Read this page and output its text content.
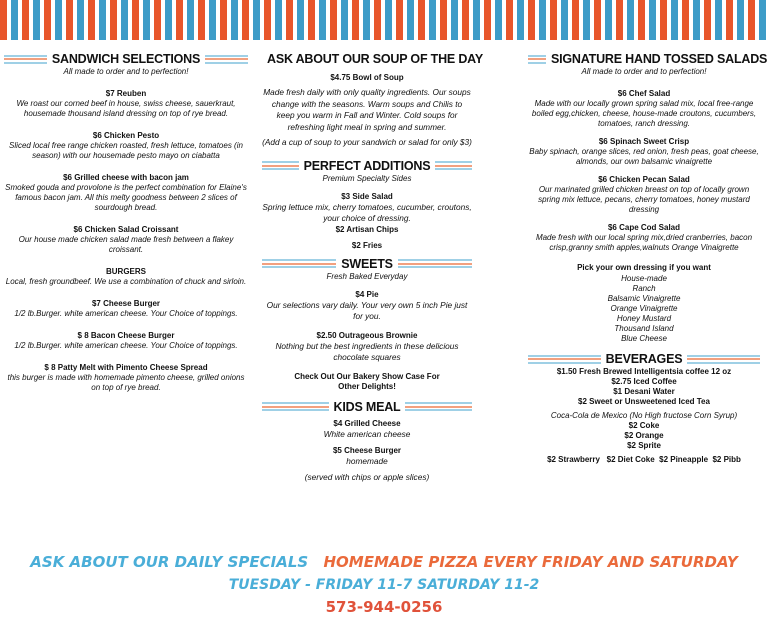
SANDWICH SELECTIONS
All made to order and to perfection!
$7 Reuben
We roast our corned beef in house, swiss cheese, sauerkraut, housemade thousand island dressing on top of rye bread.
$6 Chicken Pesto
Sliced local free range chicken roasted, fresh lettuce, tomatoes (in season) with our housemade pesto mayo on ciabatta
$6 Grilled cheese with bacon jam
Smoked gouda and provolone is the perfect combination for Elaine's famous bacon jam. All this melty goodness between 2 slices of sourdough bread.
$6 Chicken Salad Croissant
Our house made chicken salad made fresh between a flakey croissant.
BURGERS
Local, fresh groundbeef. We use a combination of chuck and sirloin.
$7 Cheese Burger
1/2 lb.Burger. white american cheese. Your Choice of toppings.
$ 8 Bacon Cheese Burger
1/2 lb.Burger. white american cheese. Your Choice of toppings.
$ 8 Patty Melt with Pimento Cheese Spread
this burger is made with homemade pimento cheese, grilled onions on top of rye bread.
ASK ABOUT OUR SOUP OF THE DAY
$4.75 Bowl of Soup
Made fresh daily with only quality ingredients. Our soups change with the seasons. Warm soups and Chilis to keep you warm in Fall and Winter. Cold soups for refreshing light meal in spring and summer.
(Add a cup of soup to your sandwich or salad for only $3)
PERFECT ADDITIONS
Premium Specialty Sides
$3 Side Salad
Spring lettuce mix, cherry tomatoes, cucumber, croutons, your choice of dressing.
$2 Artisan Chips
$2 Fries
SWEETS
Fresh Baked Everyday
$4 Pie
Our selections vary daily. Your very own 5 inch Pie just for you.
$2.50 Outrageous Brownie
Nothing but the best ingredients in these delicious chocolate squares
Check Out Our Bakery Show Case For Other Delights!
KIDS MEAL
$4 Grilled Cheese
White american cheese
$5 Cheese Burger
homemade
(served with chips or apple slices)
SIGNATURE HAND TOSSED SALADS
All made to order and to perfection!
$6 Chef Salad
Made with our locally grown spring salad mix, local free-range boiled egg,chicken, cheese, house-made croutons, cucumbers, tomatoes, ranch dressing.
$6 Spinach Sweet Crisp
Baby spinach, orange slices, red onion, fresh peas, goat cheese, almonds, our own balsamic vinaigrette
$6 Chicken Pecan Salad
Our marinated grilled chicken breast on top of locally grown spring mix lettuce, pecans, cherry tomatoes, honey mustard dressing
$6 Cape Cod Salad
Made fresh with our local spring mix,dried cranberries, bacon crisp,granny smith apples,walnuts Orange Vinaigrette
Pick your own dressing if you want
House-made
Ranch
Balsamic Vinaigrette
Orange Vinaigrette
Honey Mustard
Thousand Island
Blue Cheese
BEVERAGES
$1.50 Fresh Brewed Intelligentsia coffee 12 oz
$2.75 Iced Coffee
$1 Desani Water
$2 Sweet or Unsweetened Iced Tea
Coca-Cola de Mexico (No High fructose Corn Syrup)
$2 Coke
$2 Orange
$2 Sprite
$2 Strawberry   $2 Diet Coke  $2 Pineapple  $2 Pibb
ASK ABOUT OUR DAILY SPECIALS HOMEMADE PIZZA EVERY FRIDAY AND SATURDAY
TUESDAY - FRIDAY 11-7 SATURDAY 11-2
573-944-0256
